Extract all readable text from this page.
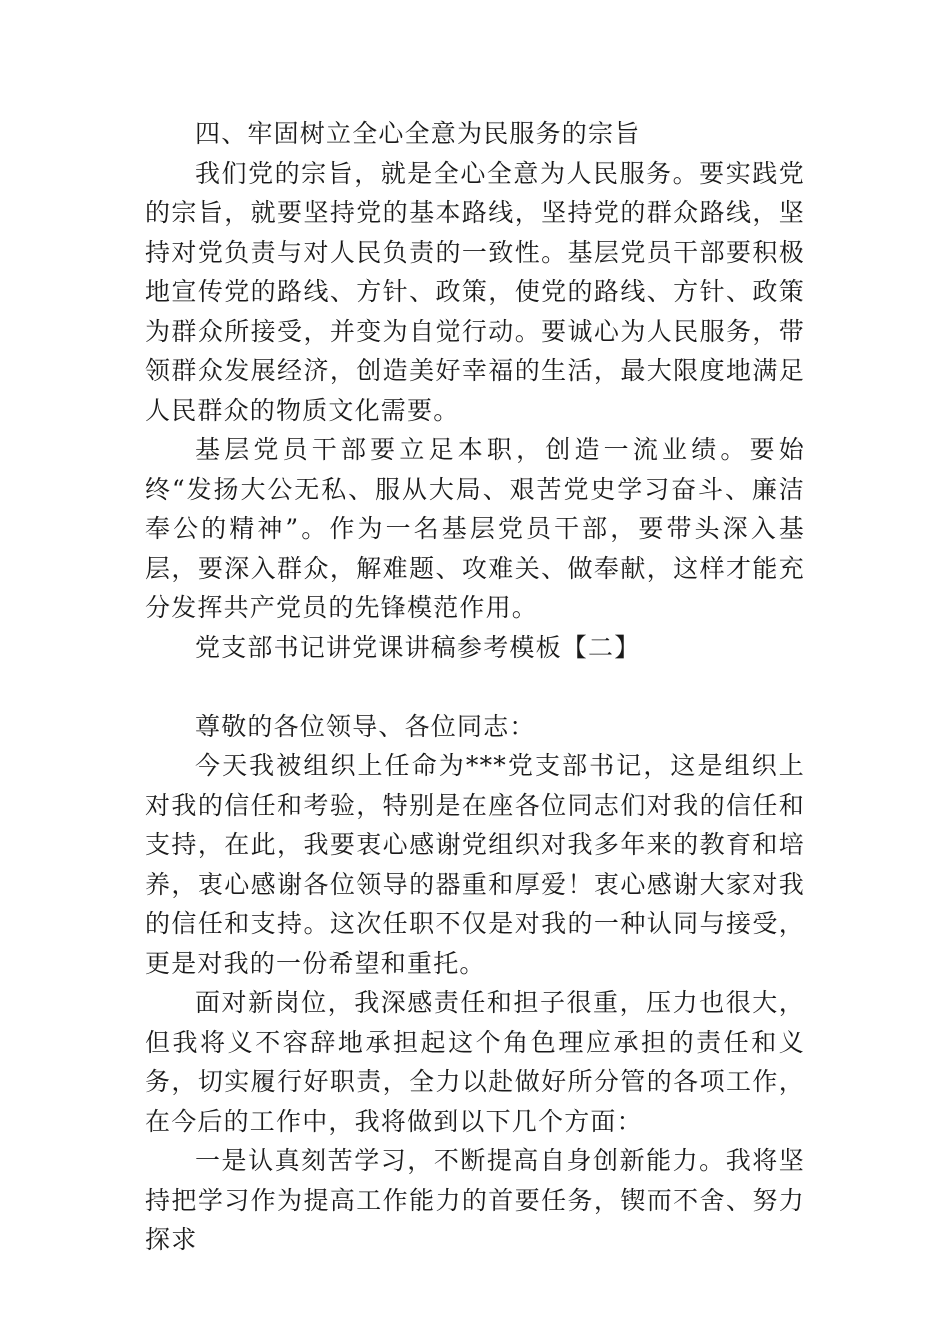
四、牢固树立全心全意为民服务的宗旨

我们党的宗旨，就是全心全意为人民服务。要实践党的宗旨，就要坚持党的基本路线，坚持党的群众路线，坚持对党负责与对人民负责的一致性。基层党员干部要积极地宣传党的路线、方针、政策，使党的路线、方针、政策为群众所接受，并变为自觉行动。要诚心为人民服务，带领群众发展经济，创造美好幸福的生活，最大限度地满足人民群众的物质文化需要。

基层党员干部要立足本职，创造一流业绩。要始终“发扬大公无私、服从大局、艰苦党史学习奋斗、廉洁奉公的精神”。作为一名基层党员干部，要带头深入基层，要深入群众，解难题、攻难关、做奉献，这样才能充分发挥共产党员的先锋模范作用。

党支部书记讲党课讲稿参考模板【二】

尊敬的各位领导、各位同志：

今天我被组织上任命为***党支部书记，这是组织上对我的信任和考验，特别是在座各位同志们对我的信任和支持，在此，我要衷心感谢党组织对我多年来的教育和培养，衷心感谢各位领导的器重和厚爱！衷心感谢大家对我的信任和支持。这次任职不仅是对我的一种认同与接受，更是对我的一份希望和重托。

面对新岗位，我深感责任和担子很重，压力也很大，但我将义不容辞地承担起这个角色理应承担的责任和义务，切实履行好职责，全力以赴做好所分管的各项工作，在今后的工作中，我将做到以下几个方面：

一是认真刻苦学习，不断提高自身创新能力。我将坚持把学习作为提高工作能力的首要任务，锲而不舍、努力探求
